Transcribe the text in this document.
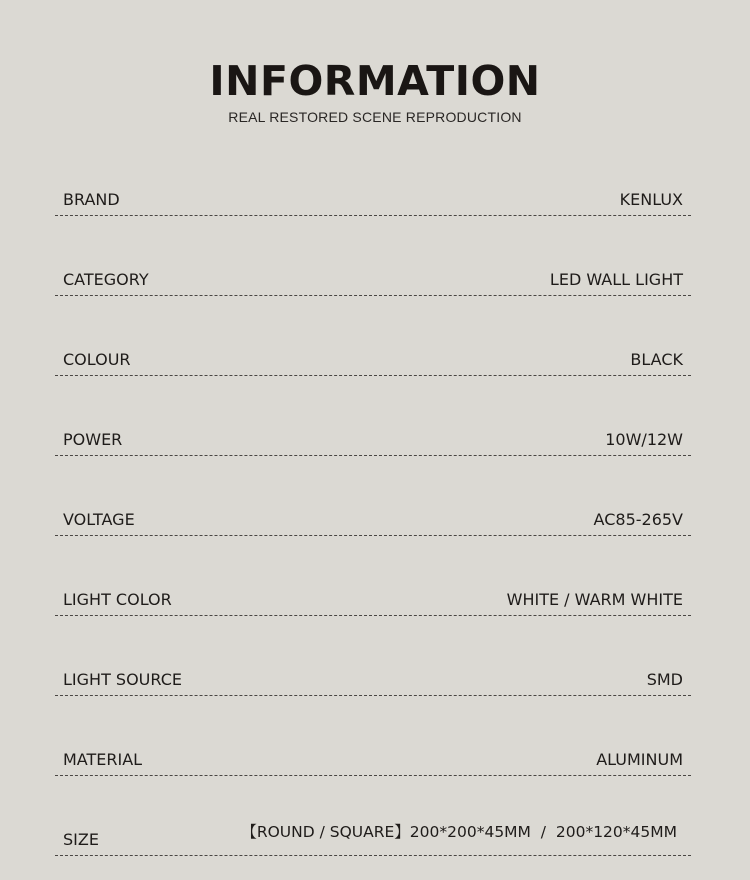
INFORMATION
REAL RESTORED SCENE REPRODUCTION
BRAND	KENLUX
CATEGORY	LED WALL LIGHT
COLOUR	BLACK
POWER	10W/12W
VOLTAGE	AC85-265V
LIGHT COLOR	WHITE / WARM WHITE
LIGHT SOURCE	SMD
MATERIAL	ALUMINUM
SIZE	【ROUND / SQUARE】200*200*45MM  /  200*120*45MM
